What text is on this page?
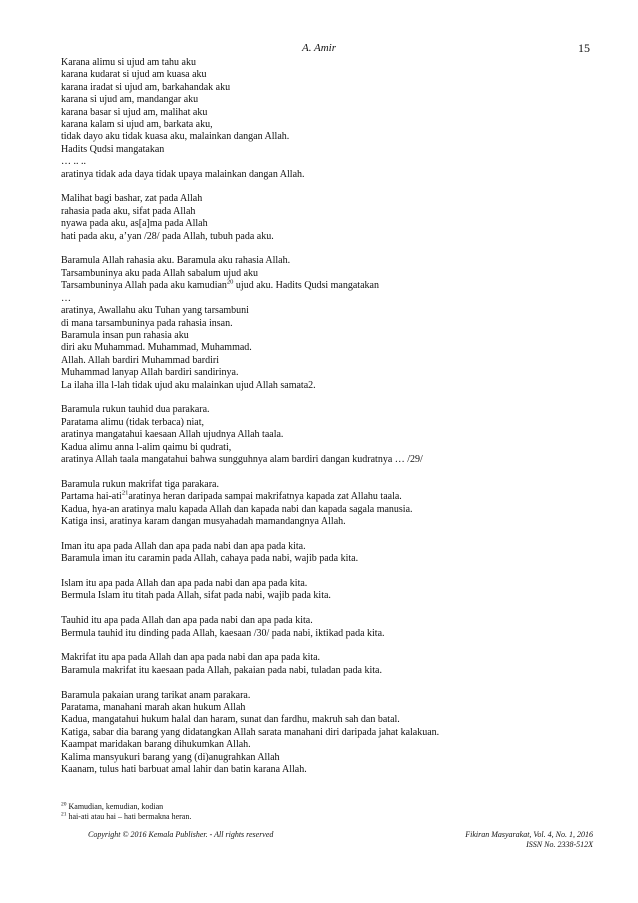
A. Amir	15
Karana alimu si ujud am tahu aku
karana kudarat si ujud am kuasa aku
karana iradat si ujud am, barkahandak aku
karana si ujud am, mandangar aku
karana basar si ujud am, malihat aku
karana kalam si ujud am, barkata aku,
tidak dayo aku tidak kuasa aku, malainkan dangan Allah.
Hadits Qudsi mangatakan
… .. ..
aratinya tidak ada daya tidak upaya malainkan dangan Allah.
Malihat bagi bashar, zat pada Allah
rahasia pada aku, sifat pada Allah
nyawa pada aku, as[a]ma pada Allah
hati pada aku, a’yan /28/ pada Allah, tubuh pada aku.
Baramula Allah rahasia aku. Baramula aku rahasia Allah.
Tarsambuninya aku pada Allah sabalum ujud aku
Tarsambuninya Allah pada aku kamudian$^{20}$ ujud aku. Hadits Qudsi mangatakan
…
aratinya, Awallahu aku Tuhan yang tarsambuni
di mana tarsambuninya pada rahasia insan.
Baramula insan pun rahasia aku
diri aku Muhammad. Muhammad, Muhammad.
Allah. Allah bardiri Muhammad bardiri
Muhammad lanyap Allah bardiri sandirinya.
La ilaha illa l-lah tidak ujud aku malainkan ujud Allah samata2.
Baramula rukun tauhid dua parakara.
Paratama alimu (tidak terbaca) niat,
aratinya mangatahui kaesaan Allah ujudnya Allah taala.
Kadua alimu anna l-alim qaimu bi qudrati,
aratinya Allah taala mangatahui bahwa sungguhnya alam bardiri dangan kudratnya … /29/
Baramula rukun makrifat tiga parakara.
Partama hai-ati$^{21}$aratinya heran daripada sampai makrifatnya kapada zat Allahu taala.
Kadua, hya-an aratinya malu kapada Allah dan kapada nabi dan kapada sagala manusia.
Katiga insi, aratinya karam dangan musyahadah mamandangnya Allah.
Iman itu apa pada Allah dan apa pada nabi dan apa pada kita.
Baramula iman itu caramin pada Allah, cahaya pada nabi, wajib pada kita.
Islam itu apa pada Allah dan apa pada nabi dan apa pada kita.
Bermula Islam itu titah pada Allah, sifat pada nabi, wajib pada kita.
Tauhid itu apa pada Allah dan apa pada nabi dan apa pada kita.
Bermula tauhid itu dinding pada Allah, kaesaan /30/ pada nabi, iktikad pada kita.
Makrifat itu apa pada Allah dan apa pada nabi dan apa pada kita.
Baramula makrifat itu kaesaan pada Allah, pakaian pada nabi, tuladan pada kita.
Baramula pakaian urang tarikat anam parakara.
Paratama, manahani marah akan hukum Allah
Kadua, mangatahui hukum halal dan haram, sunat dan fardhu, makruh sah dan batal.
Katiga, sabar dia barang yang didatangkan Allah sarata manahani diri daripada jahat kalakuan.
Kaampat maridakan barang dihukumkan Allah.
Kalima mansyukuri barang yang (di)anugrahkan Allah
Kaanam, tulus hati barbuat amal lahir dan batin karana Allah.
$^{20}$ Kamudian, kemudian, kodian
$^{21}$ hai-ati atau hai – hati bermakna heran.
Copyright © 2016 Kemala Publisher. - All rights reserved	Fikiran Masyarakat, Vol. 4, No. 1, 2016
ISSN No. 2338-512X
